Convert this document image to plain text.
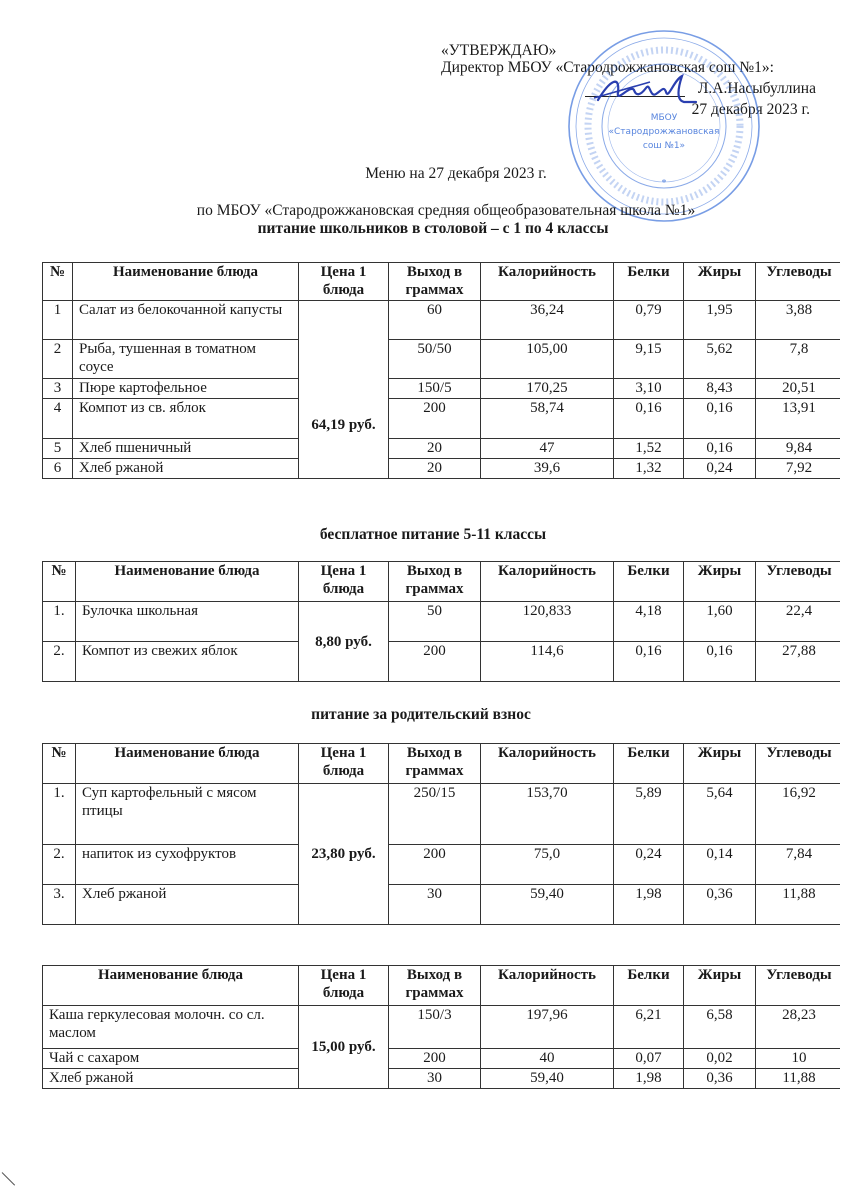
«УТВЕРЖДАЮ»
Директор МБОУ «Стародрожжановская сош №1»:
Л.А.Насыбуллина
27 декабря 2023 г.
МБОУ
«Стародрожжановская
сош №1»
*
Меню на 27 декабря 2023 г.
по МБОУ «Стародрожжановская средняя общеобразовательная школа №1»
питание школьников в столовой – с 1 по 4 классы
№	Наименование блюда	Цена 1 блюда	Выход в граммах	Калорийность	Белки	Жиры	Углеводы
1	Салат из белокочанной капусты	64,19 руб.	60	36,24	0,79	1,95	3,88
2	Рыба, тушенная в томатном соусе		50/50	105,00	9,15	5,62	7,8
3	Пюре картофельное		150/5	170,25	3,10	8,43	20,51
4	Компот из св. яблок		200	58,74	0,16	0,16	13,91
5	Хлеб пшеничный		20	47	1,52	0,16	9,84
6	Хлеб ржаной		20	39,6	1,32	0,24	7,92
бесплатное питание 5-11 классы
№	Наименование блюда	Цена 1 блюда	Выход в граммах	Калорийность	Белки	Жиры	Углеводы
1.	Булочка школьная	8,80 руб.	50	120,833	4,18	1,60	22,4
2.	Компот из свежих яблок		200	114,6	0,16	0,16	27,88
питание за родительский взнос
№	Наименование блюда	Цена 1 блюда	Выход в граммах	Калорийность	Белки	Жиры	Углеводы
1.	Суп картофельный с мясом птицы	23,80 руб.	250/15	153,70	5,89	5,64	16,92
2.	напиток из сухофруктов		200	75,0	0,24	0,14	7,84
3.	Хлеб ржаной		30	59,40	1,98	0,36	11,88
Наименование блюда	Цена 1 блюда	Выход в граммах	Калорийность	Белки	Жиры	Углеводы
Каша геркулесовая молочн. со сл. маслом	15,00 руб.	150/3	197,96	6,21	6,58	28,23
Чай с сахаром		200	40	0,07	0,02	10
Хлеб ржаной		30	59,40	1,98	0,36	11,88
